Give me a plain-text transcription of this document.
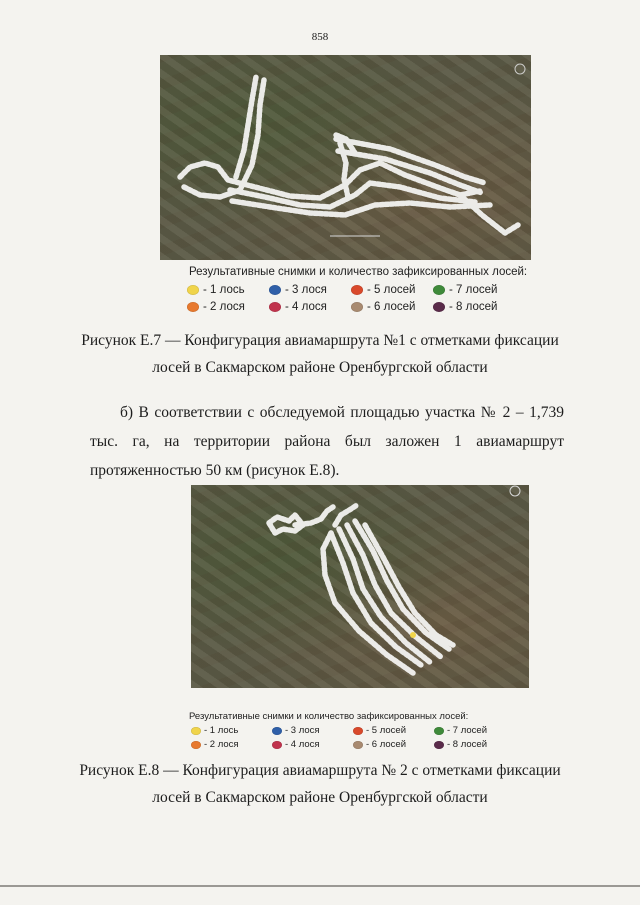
858
Результативные снимки и количество зафиксированных лосей:
- 1 лось	- 3 лося	- 5 лосей	- 7 лосей
- 2 лося	- 4 лося	- 6 лосей	- 8 лосей
Рисунок Е.7 — Конфигурация авиамаршрута №1 с отметками фиксации
лосей в Сакмарском районе Оренбургской области
б) В соответствии с обследуемой площадью участка № 2 – 1,739 тыс. га, на территории района был заложен 1 авиамаршрут протяженностью 50 км (рисунок Е.8).
Результативные снимки и количество зафиксированных лосей:
- 1 лось	- 3 лося	- 5 лосей	- 7 лосей
- 2 лося	- 4 лося	- 6 лосей	- 8 лосей
Рисунок Е.8 — Конфигурация авиамаршрута № 2 с отметками фиксации
лосей в Сакмарском районе Оренбургской области
